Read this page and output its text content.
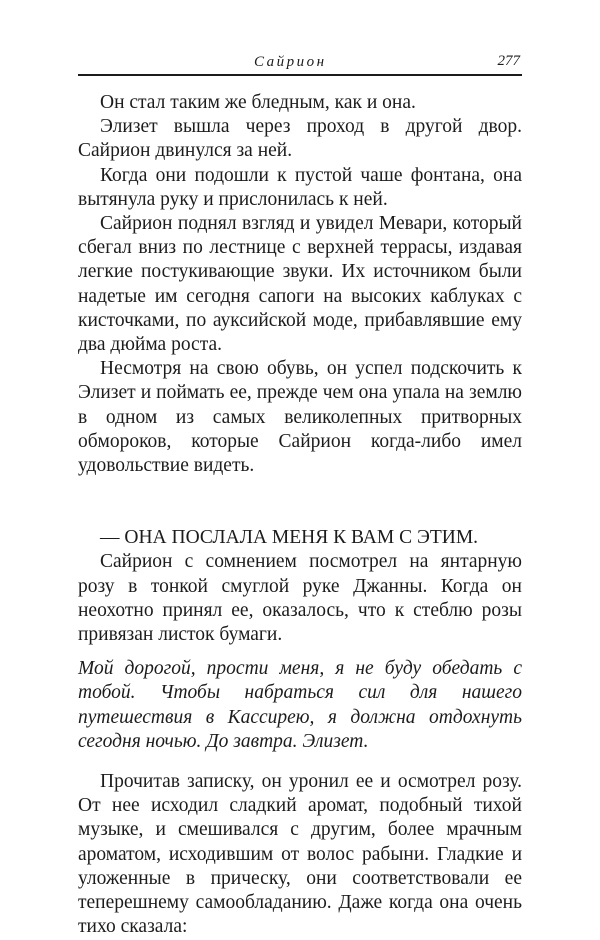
Сайрион	277

Он стал таким же бледным, как и она.

Элизет вышла через проход в другой двор. Сайрион двинулся за ней.

Когда они подошли к пустой чаше фонтана, она вытянула руку и прислонилась к ней.

Сайрион поднял взгляд и увидел Мевари, который сбегал вниз по лестнице с верхней террасы, издавая легкие постукивающие звуки. Их источником были надетые им сегодня сапоги на высоких каблуках с кисточками, по ауксийской моде, прибавлявшие ему два дюйма роста.

Несмотря на свою обувь, он успел подскочить к Элизет и поймать ее, прежде чем она упала на землю в одном из самых великолепных притворных обмороков, которые Сайрион когда-либо имел удовольствие видеть.

— ОНА ПОСЛАЛА МЕНЯ К ВАМ С ЭТИМ.

Сайрион с сомнением посмотрел на янтарную розу в тонкой смуглой руке Джанны. Когда он неохотно принял ее, оказалось, что к стеблю розы привязан листок бумаги.

Мой дорогой, прости меня, я не буду обедать с тобой. Чтобы набраться сил для нашего путешествия в Кассирею, я должна отдохнуть сегодня ночью. До завтра. Элизет.

Прочитав записку, он уронил ее и осмотрел розу. От нее исходил сладкий аромат, подобный тихой музыке, и смешивался с другим, более мрачным ароматом, исходившим от волос рабыни. Гладкие и уложенные в прическу, они соответствовали ее теперешнему самообладанию. Даже когда она очень тихо сказала:
